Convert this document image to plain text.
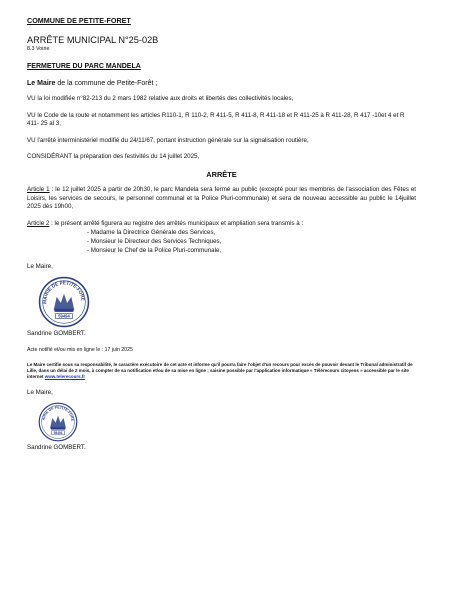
COMMUNE DE PETITE-FORET
ARRÊTE MUNICIPAL N°25-02B
8.3 Voirie
FERMETURE DU PARC MANDELA
Le Maire de la commune de Petite-Forêt ;

VU la loi modifiée n°82-213 du 2 mars 1982 relative aux droits et libertés des collectivités locales,

VU le Code de la route et notamment les articles R110-1, R 110-2, R 411-5, R 411-8, R 411-18 et R 411-25 à R 411-28, R 417 -10et 4 et R 411- 25 al 3,

VU l'arrêté interministériel modifié du 24/11/67, portant instruction générale sur la signalisation routière,

CONSIDÉRANT la préparation des festivités du 14 juillet 2025,

ARRÊTE

Article 1 : le 12 juillet 2025 à partir de 20h30, le parc Mandela sera fermé au public (excepté pour les membres de l'association des Fêtes et Loisirs, les services de secours, le personnel communal et la Police Pluri-communale) et sera de nouveau accessible au public le 14juillet 2025 dès 19h00,

Article 2 : le présent arrêté figurera au registre des arrêtés municipaux et ampliation sera transmis à :

- Madame la Directrice Générale des Services,
- Monsieur le Directeur des Services Techniques,
- Monsieur le Chef de la Police Pluri-communale,
Le Maire,
MAIRIE DE PETITE-FORE
59494
Sandrine GOMBERT.
Acte notifié et/ou mis en ligne le : 17 juin 2025
Le Maire certifie sous sa responsabilité, le caractère exécutoire de cet acte et informe qu'il pourra faire l'objet d'un recours pour excès de pouvoir devant le Tribunal administratif de Lille, dans un délai de 2 mois, à compter de sa notification et/ou de sa mise en ligne ; saisine possible par l'application informatique « Télérecours citoyens » accessible par le site internet www.telerecours.fr
Le Maire,
AIRIE DE PETITE-FORE
59494
Sandrine GOMBERT.
